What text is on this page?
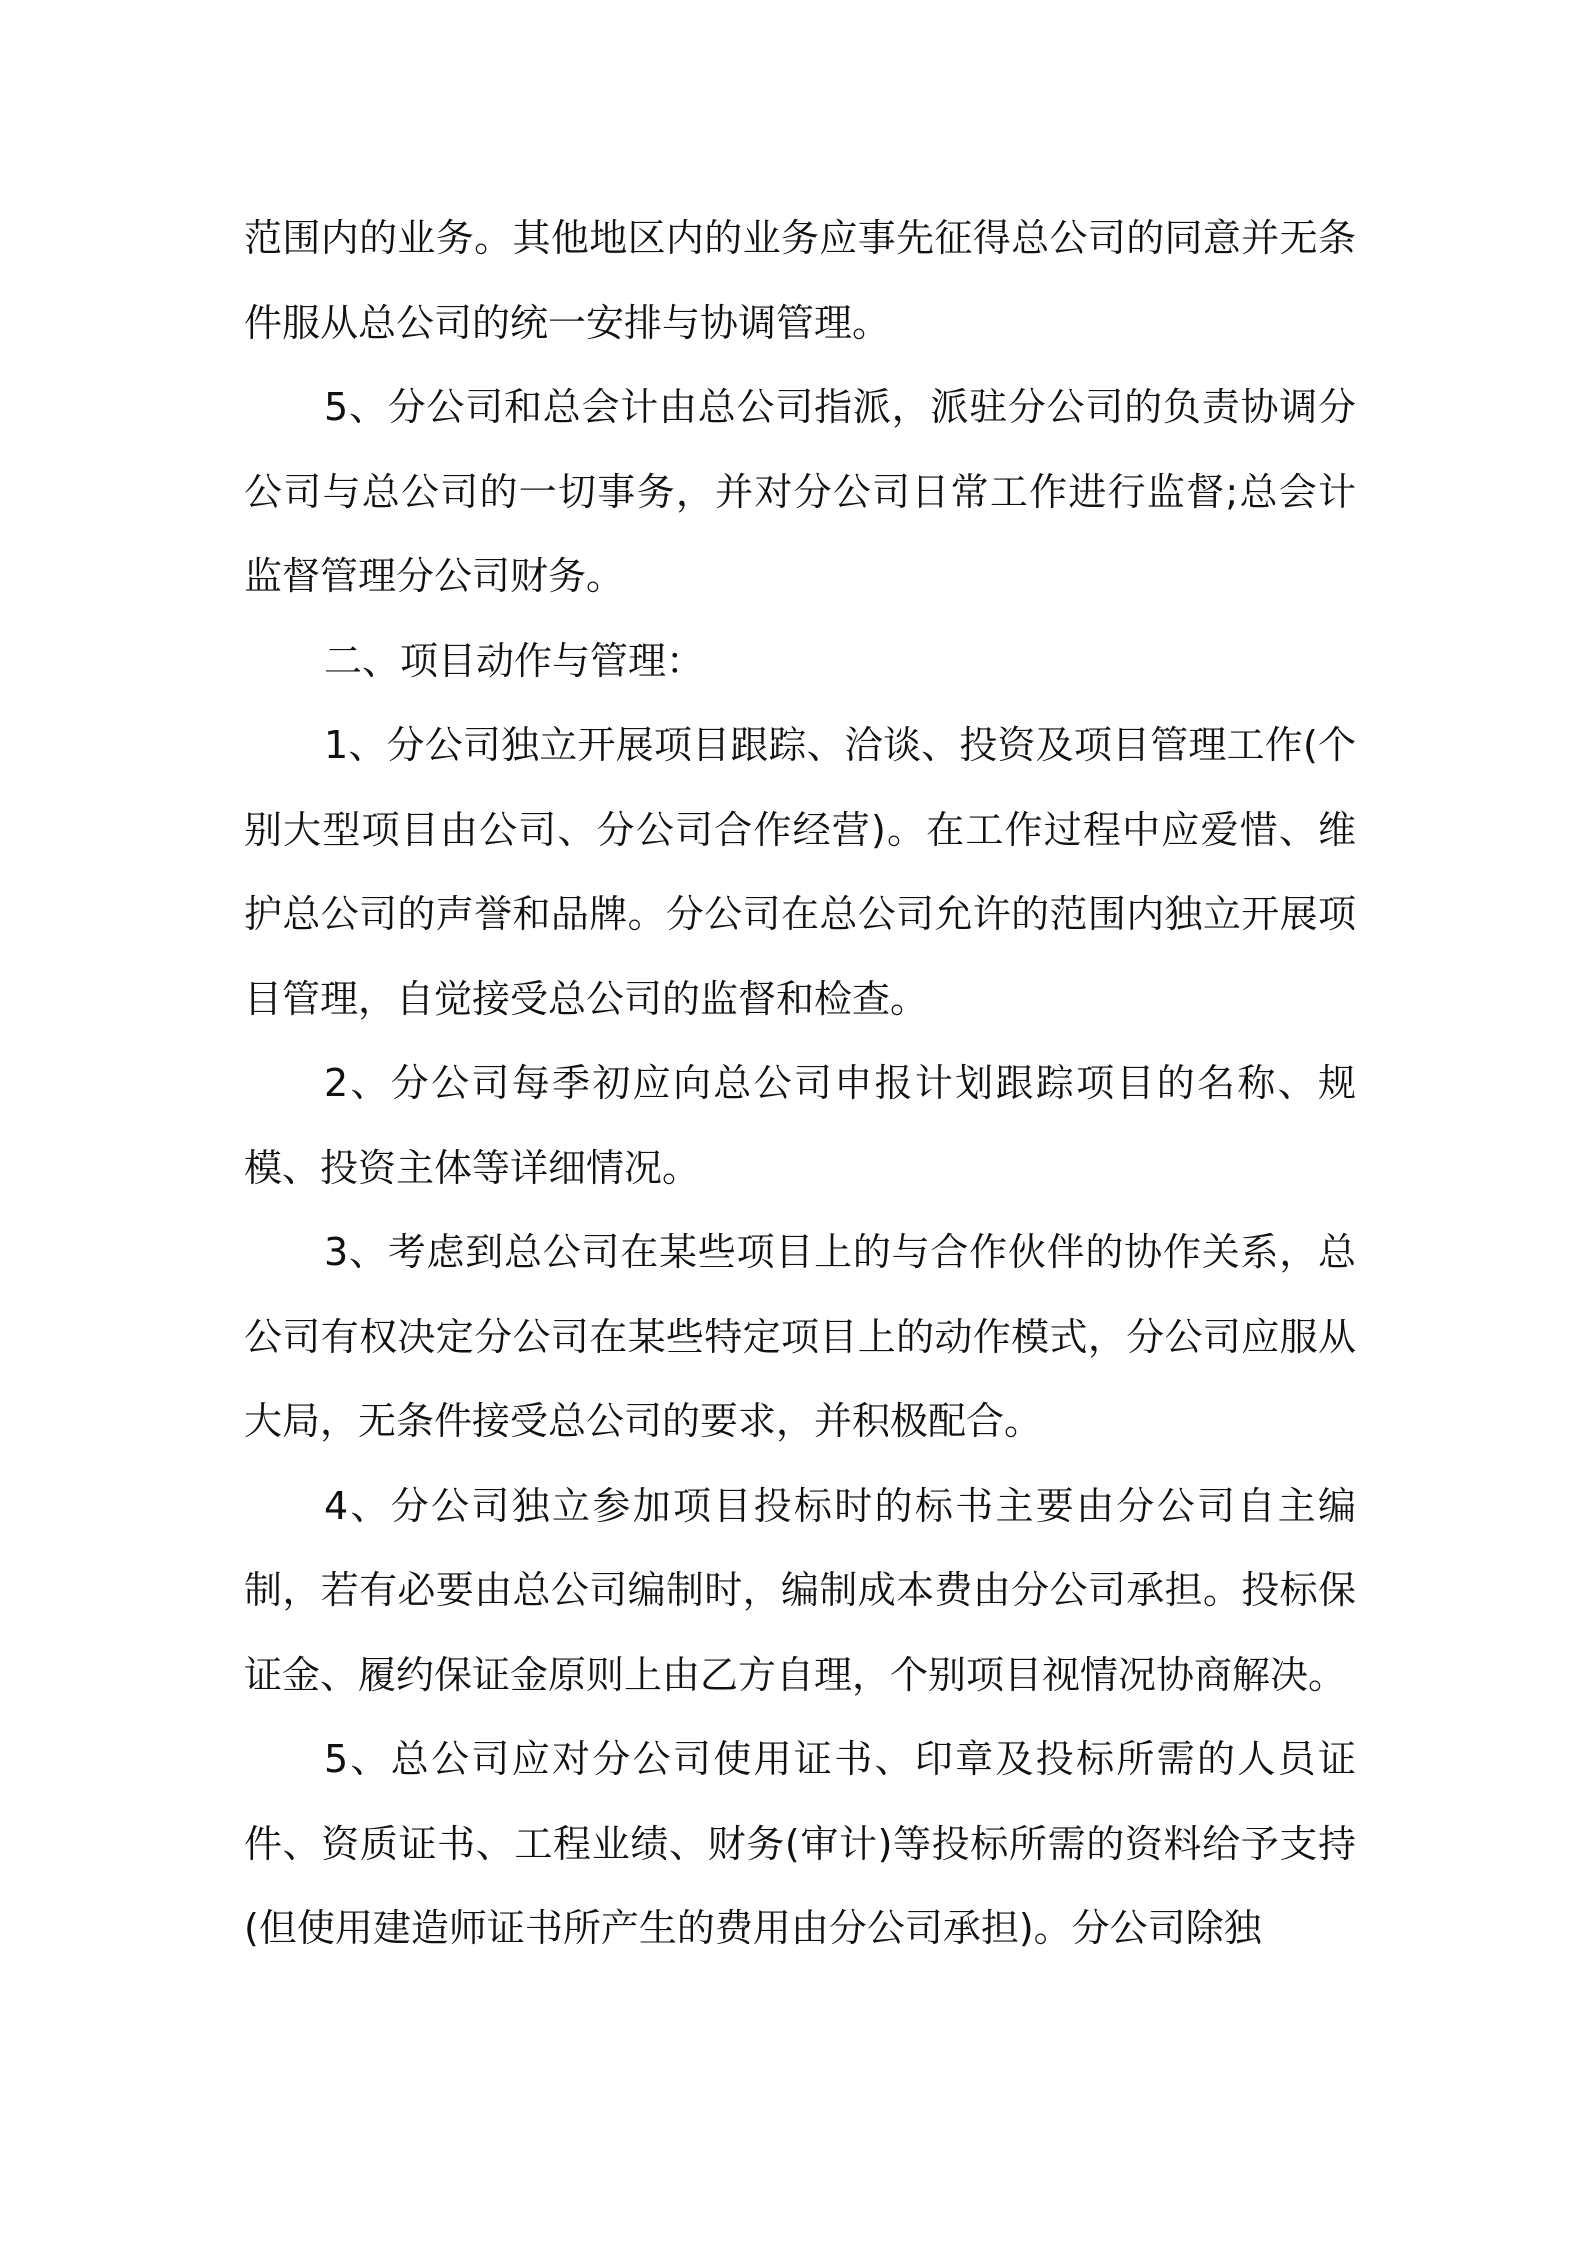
范围内的业务。其他地区内的业务应事先征得总公司的同意并无条件服从总公司的统一安排与协调管理。

5、分公司和总会计由总公司指派，派驻分公司的负责协调分公司与总公司的一切事务，并对分公司日常工作进行监督;总会计监督管理分公司财务。

二、项目动作与管理：

1、分公司独立开展项目跟踪、洽谈、投资及项目管理工作(个别大型项目由公司、分公司合作经营)。在工作过程中应爱惜、维护总公司的声誉和品牌。分公司在总公司允许的范围内独立开展项目管理，自觉接受总公司的监督和检查。

2、分公司每季初应向总公司申报计划跟踪项目的名称、规模、投资主体等详细情况。

3、考虑到总公司在某些项目上的与合作伙伴的协作关系，总公司有权决定分公司在某些特定项目上的动作模式，分公司应服从大局，无条件接受总公司的要求，并积极配合。

4、分公司独立参加项目投标时的标书主要由分公司自主编制，若有必要由总公司编制时，编制成本费由分公司承担。投标保证金、履约保证金原则上由乙方自理，个别项目视情况协商解决。

5、总公司应对分公司使用证书、印章及投标所需的人员证件、资质证书、工程业绩、财务(审计)等投标所需的资料给予支持(但使用建造师证书所产生的费用由分公司承担)。分公司除独
